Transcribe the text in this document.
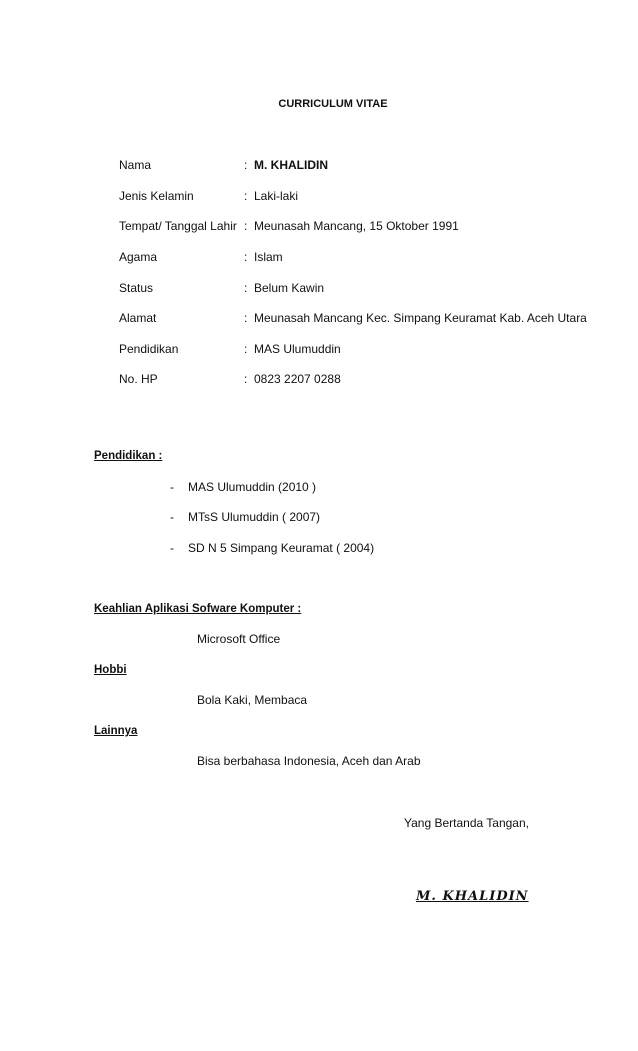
CURRICULUM VITAE
Nama	: M. KHALIDIN
Jenis Kelamin	: Laki-laki
Tempat/ Tanggal Lahir : Meunasah Mancang, 15 Oktober 1991
Agama	: Islam
Status	: Belum Kawin
Alamat	: Meunasah Mancang Kec. Simpang Keuramat Kab. Aceh Utara
Pendidikan	: MAS Ulumuddin
No. HP	: 0823 2207 0288
Pendidikan :
- MAS Ulumuddin (2010 )
- MTsS Ulumuddin ( 2007)
- SD N 5 Simpang Keuramat ( 2004)
Keahlian Aplikasi Sofware Komputer :
Microsoft Office
Hobbi
Bola Kaki, Membaca
Lainnya
Bisa berbahasa Indonesia, Aceh dan Arab
Yang Bertanda Tangan,
M. KHALIDIN
